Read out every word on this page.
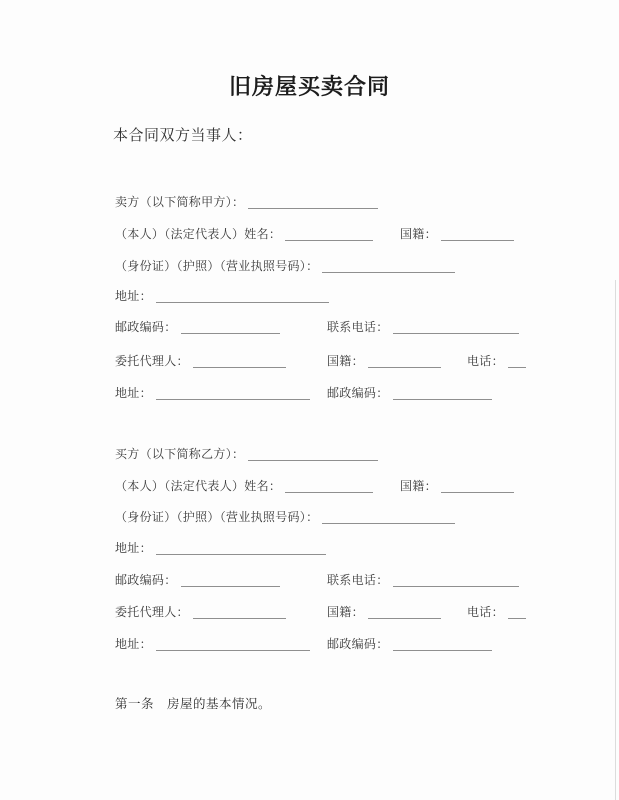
旧房屋买卖合同
本合同双方当事人：
卖方（以下简称甲方）：
（本人）（法定代表人）姓名：	国籍：
（身份证）（护照）（营业执照号码）：
地址：
邮政编码：	联系电话：
委托代理人：	国籍：	电话：
地址：	邮政编码：
买方（以下简称乙方）：
（本人）（法定代表人）姓名：	国籍：
（身份证）（护照）（营业执照号码）：
地址：
邮政编码：	联系电话：
委托代理人：	国籍：	电话：
地址：	邮政编码：
第一条　房屋的基本情况。
